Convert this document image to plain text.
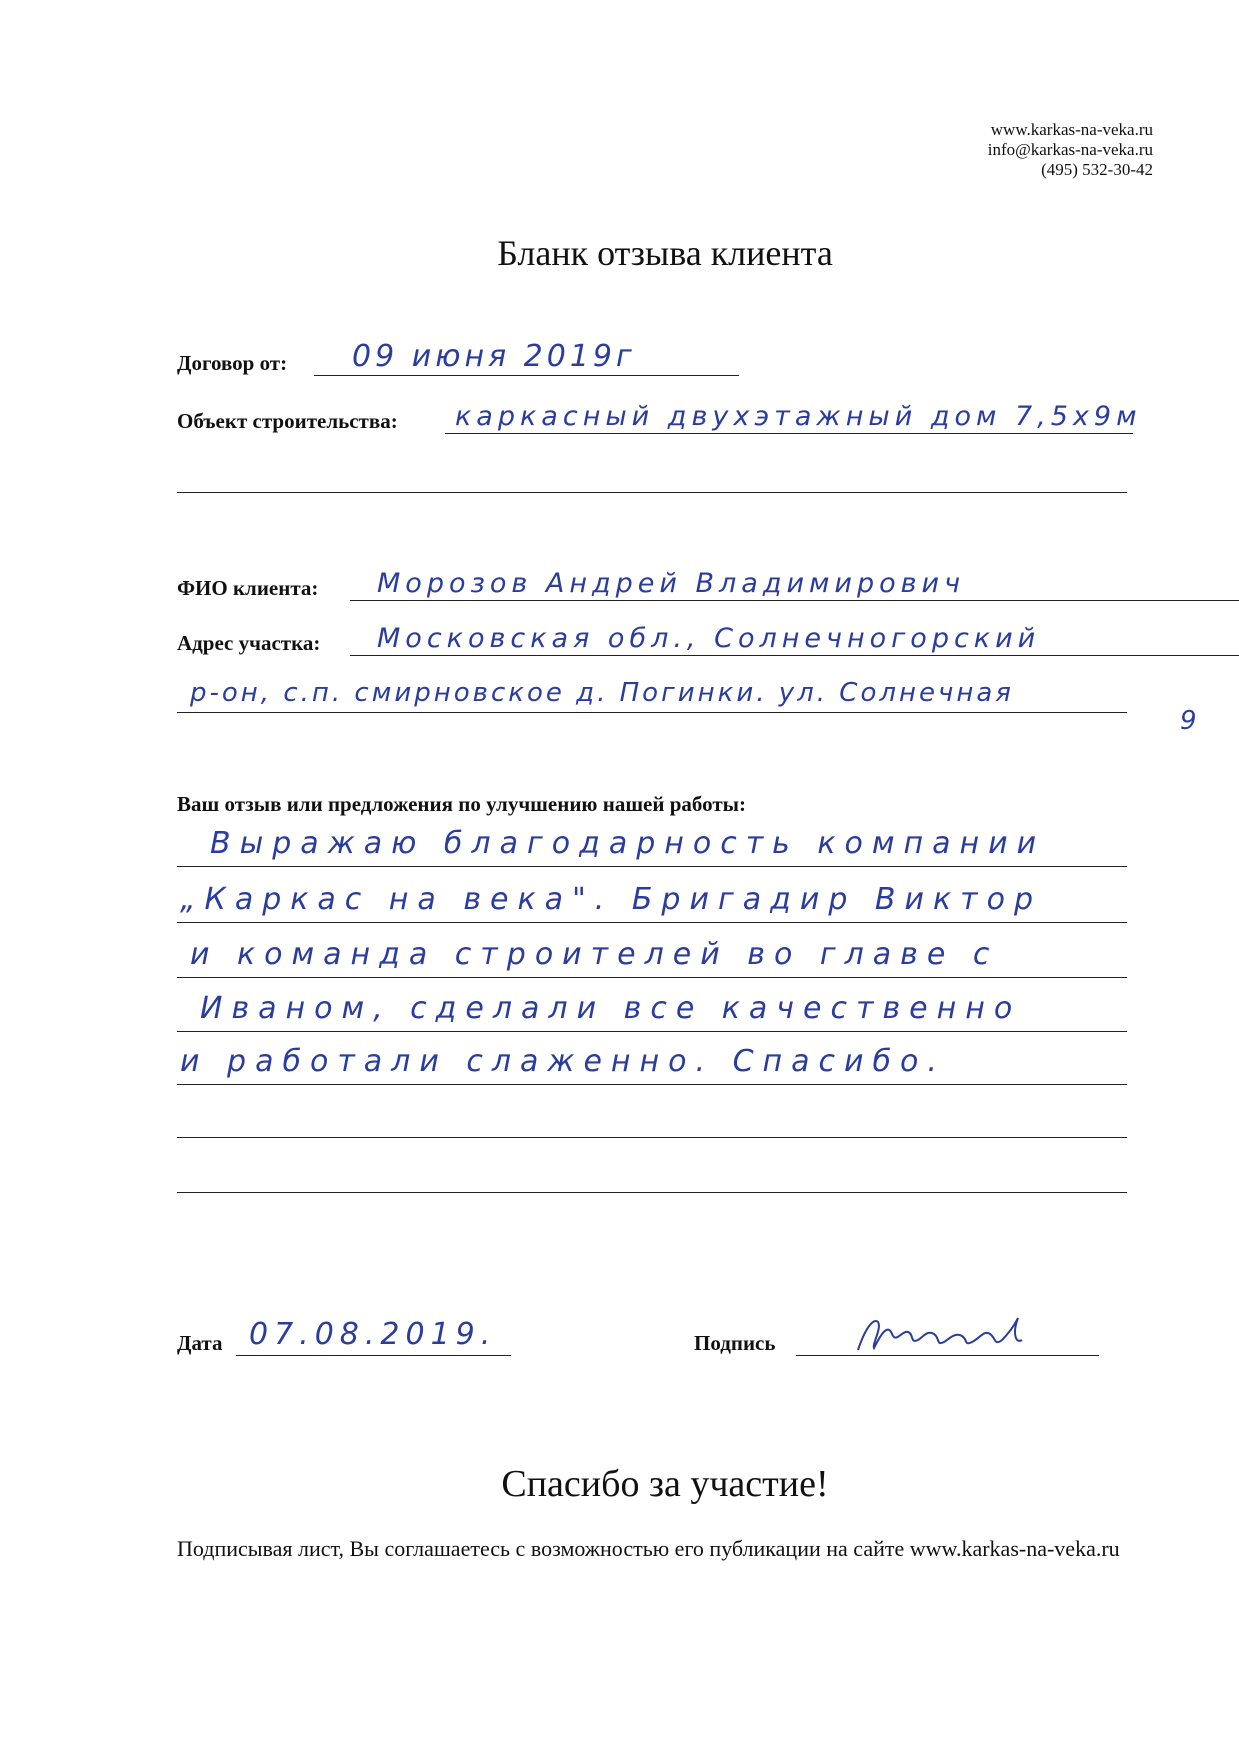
www.karkas-na-veka.ru
info@karkas-na-veka.ru
(495) 532-30-42
Бланк отзыва клиента
Договор от: 09 июня 2019г
Объект строительства: каркасный двухэтажный дом 7,5х9м
ФИО клиента: Морозов Андрей Владимирович
Адрес участка: Московская обл., Солнечногорский
р-он, с.п. смирновское д. Погинки. ул. Солнечная
9
Ваш отзыв или предложения по улучшению нашей работы:
Выражаю благодарность компании
„Каркас на века". Бригадир Виктор
и команда строителей во главе с
Иваном, сделали все качественно
и работали слаженно. Спасибо.
Дата 07.08.2019.	Подпись
Спасибо за участие!
Подписывая лист, Вы соглашаетесь с возможностью его публикации на сайте www.karkas-na-veka.ru
